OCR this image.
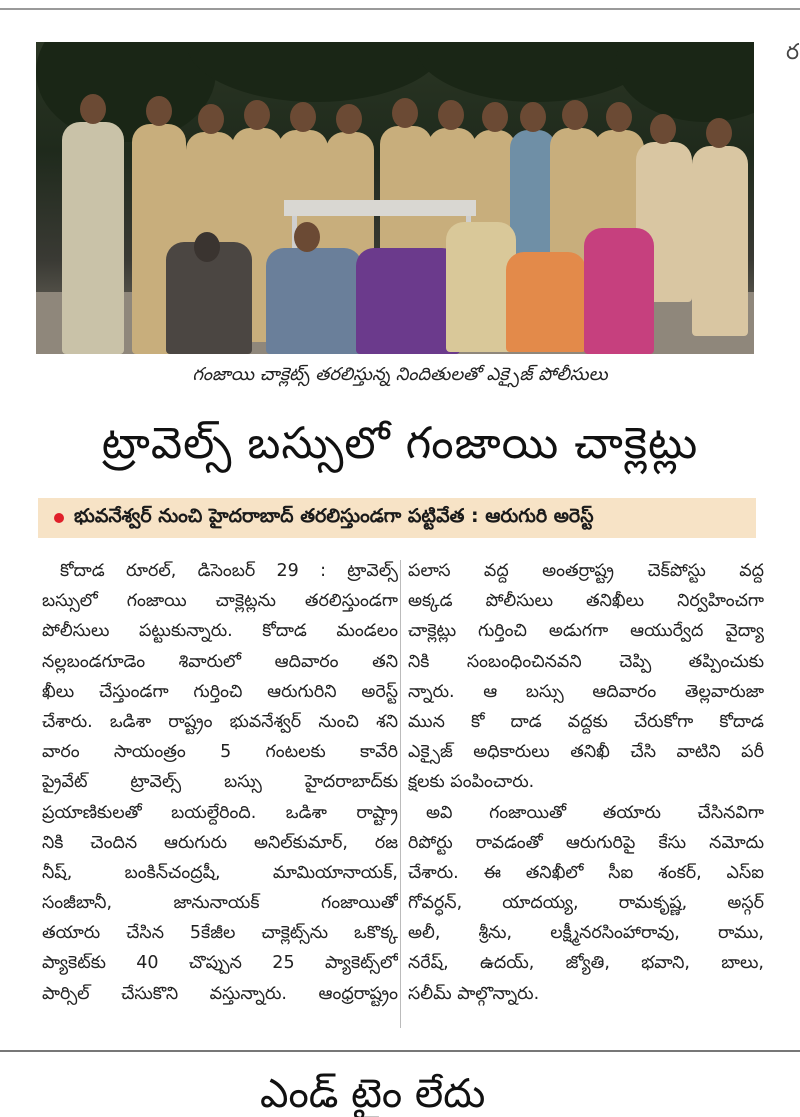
ర
గంజాయి చాక్లెట్స్ తరలిస్తున్న నిందితులతో ఎక్సైజ్ పోలీసులు
ట్రావెల్స్ బస్సులో గంజాయి చాక్లెట్లు
భువనేశ్వర్ నుంచి హైదరాబాద్ తరలిస్తుండగా పట్టివేత : ఆరుగురి అరెస్ట్
కోదాడ రూరల్, డిసెంబర్ 29 : ట్రావెల్స్
బస్సులో గంజాయి చాక్లెట్లను తరలిస్తుండగా
పోలీసులు పట్టుకున్నారు. కోదాడ మండలం
నల్లబండగూడెం శివారులో ఆదివారం తని
ఖీలు చేస్తుండగా గుర్తించి ఆరుగురిని అరెస్ట్
చేశారు. ఒడిశా రాష్ట్రం భువనేశ్వర్ నుంచి శని
వారం సాయంత్రం 5 గంటలకు కావేరి
ప్రైవేట్ ట్రావెల్స్ బస్సు హైదరాబాద్‌కు
ప్రయాణికులతో బయల్దేరింది. ఒడిశా రాష్ట్రా
నికి చెందిన ఆరుగురు అనిల్‌కుమార్, రజ
నీష్, బంకిన్‌చంద్రషీ, మామియానాయక్,
సంజీబానీ, జానునాయక్ గంజాయితో
తయారు చేసిన 5కేజీల చాక్లెట్స్‌ను ఒకొక్క
ప్యాకెట్‌కు 40 చొప్పున 25 ప్యాకెట్స్‌లో
పార్సిల్ చేసుకొని వస్తున్నారు. ఆంధ్రరాష్ట్రం
పలాస వద్ద అంతర్రాష్ట్ర చెక్‌పోస్టు వద్ద
అక్కడ పోలీసులు తనిఖీలు నిర్వహించగా
చాక్లెట్లు గుర్తించి అడుగగా ఆయుర్వేద వైద్యా
నికి సంబంధించినవని చెప్పి తప్పించుకు
న్నారు. ఆ బస్సు ఆదివారం తెల్లవారుజా
మున కో దాడ వద్దకు చేరుకోగా కోదాడ
ఎక్సైజ్ అధికారులు తనిఖీ చేసి వాటిని పరీ
క్షలకు పంపించారు.
అవి గంజాయితో తయారు చేసినవిగా
రిపోర్టు రావడంతో ఆరుగురిపై కేసు నమోదు
చేశారు. ఈ తనిఖీలో సీఐ శంకర్, ఎస్ఐ
గోవర్ధన్, యాదయ్య, రామకృష్ణ, అస్గర్
అలీ, శ్రీను, లక్ష్మీనరసింహారావు, రాము,
నరేష్, ఉదయ్, జ్యోతి, భవాని, బాలు,
సలీమ్ పాల్గొన్నారు.
ఎండ్ టైం లేదు
